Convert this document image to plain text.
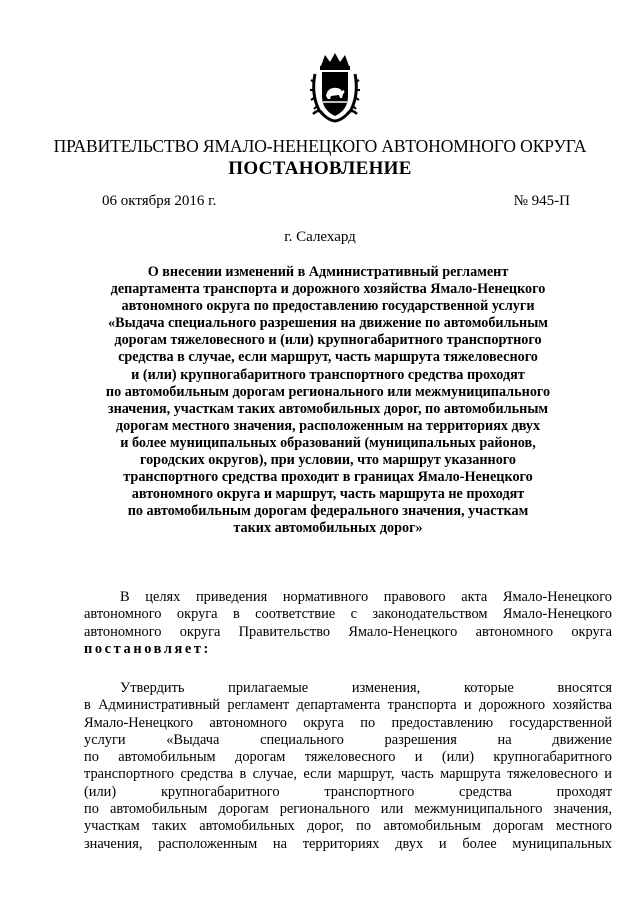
ПРАВИТЕЛЬСТВО ЯМАЛО-НЕНЕЦКОГО АВТОНОМНОГО ОКРУГА
ПОСТАНОВЛЕНИЕ
06 октября 2016 г.	№ 945-П
г. Салехард
О внесении изменений в Административный регламент
департамента транспорта и дорожного хозяйства Ямало-Ненецкого
автономного округа по предоставлению государственной услуги
«Выдача специального разрешения на движение по автомобильным
дорогам тяжеловесного и (или) крупногабаритного транспортного
средства в случае, если маршрут, часть маршрута тяжеловесного
и (или) крупногабаритного транспортного средства проходят
по автомобильным дорогам регионального или межмуниципального
значения, участкам таких автомобильных дорог, по автомобильным
дорогам местного значения, расположенным на территориях двух
и более муниципальных образований (муниципальных районов,
городских округов), при условии, что маршрут указанного
транспортного средства проходит в границах Ямало-Ненецкого
автономного округа и маршрут, часть маршрута не проходят
по автомобильным дорогам федерального значения, участкам
таких автомобильных дорог»
В целях приведения нормативного правового акта Ямало-Ненецкого
автономного округа в соответствие с законодательством Ямало-Ненецкого
автономного округа Правительство Ямало-Ненецкого автономного округа
постановляет:
Утвердить прилагаемые изменения, которые вносятся
в Административный регламент департамента транспорта и дорожного хозяйства
Ямало-Ненецкого автономного округа по предоставлению государственной
услуги «Выдача специального разрешения на движение
по автомобильным дорогам тяжеловесного и (или) крупногабаритного
транспортного средства в случае, если маршрут, часть маршрута тяжеловесного и
(или) крупногабаритного транспортного средства проходят
по автомобильным дорогам регионального или межмуниципального значения,
участкам таких автомобильных дорог, по автомобильным дорогам местного
значения, расположенным на территориях двух и более муниципальных
